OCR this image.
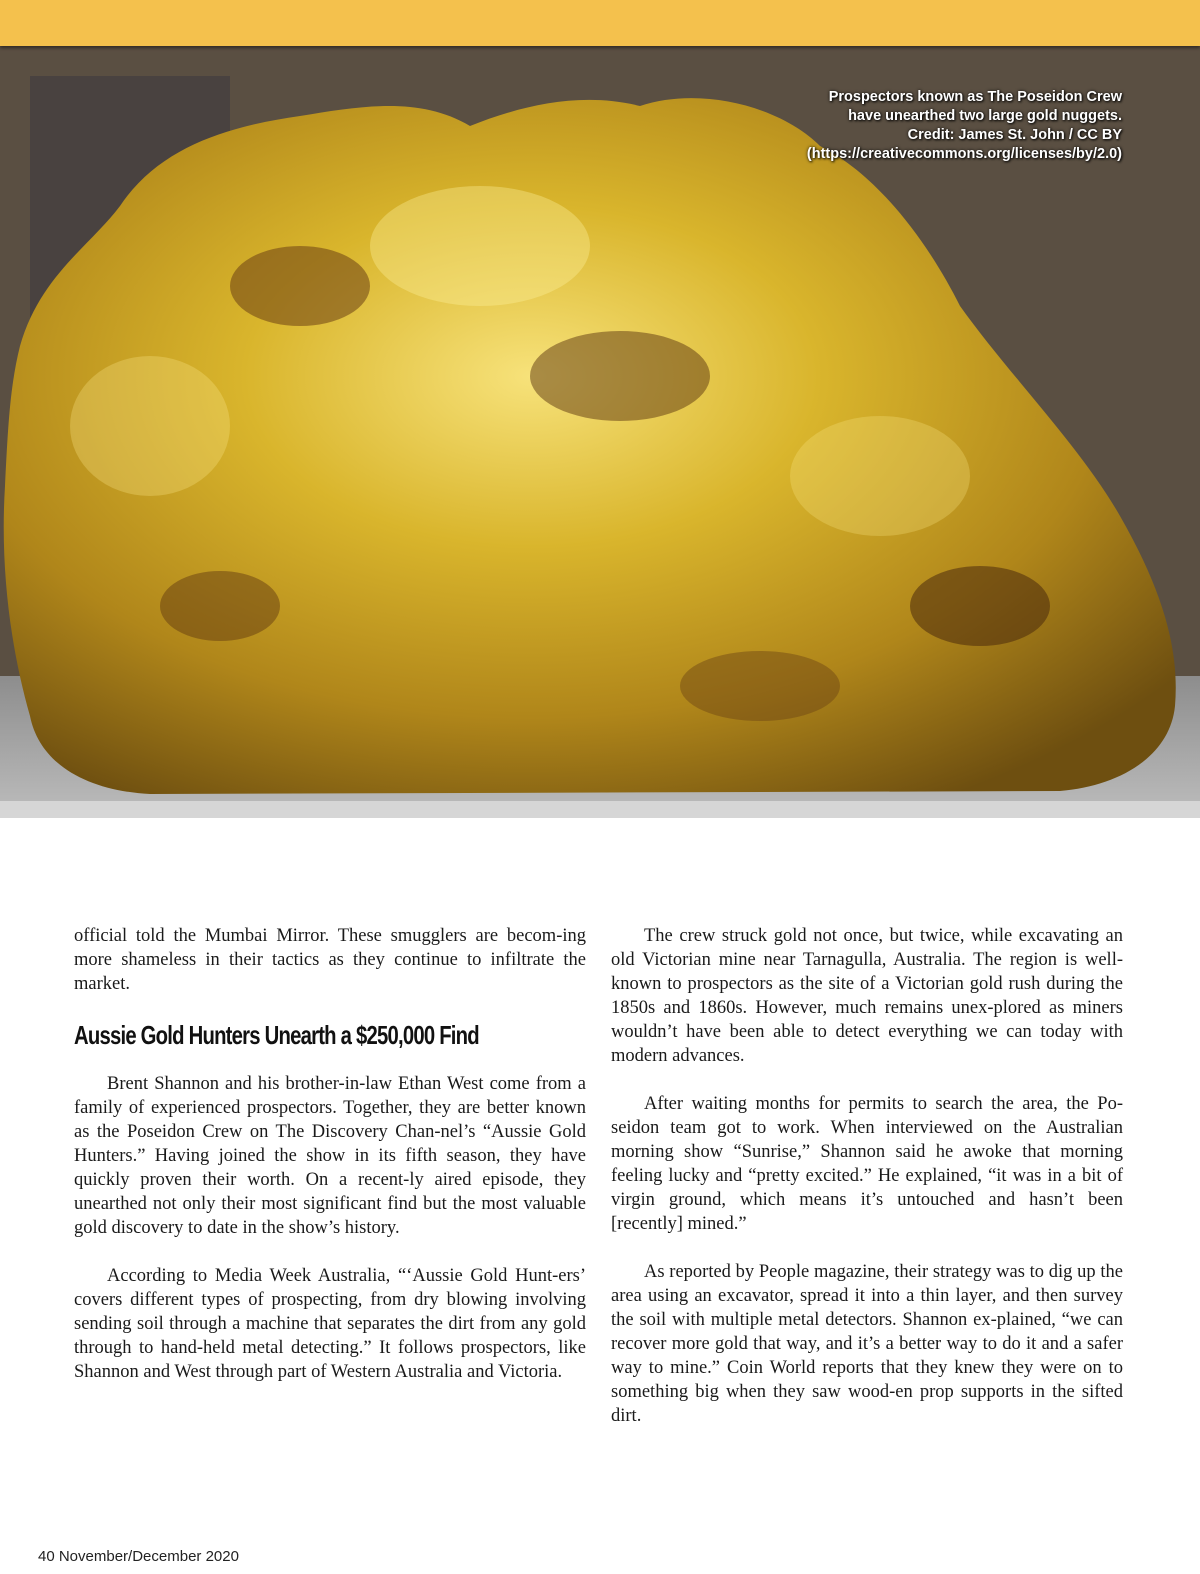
Prospectors known as The Poseidon Crew
have unearthed two large gold nuggets.
Credit: James St. John / CC BY
(https://creativecommons.org/licenses/by/2.0)

official told the Mumbai Mirror. These smugglers are becom-ing more shameless in their tactics as they continue to infiltrate the market.

Aussie Gold Hunters Unearth a $250,000 Find

Brent Shannon and his brother-in-law Ethan West come from a family of experienced prospectors. Together, they are better known as the Poseidon Crew on The Discovery Chan-nel’s “Aussie Gold Hunters.” Having joined the show in its fifth season, they have quickly proven their worth. On a recent-ly aired episode, they unearthed not only their most significant find but the most valuable gold discovery to date in the show’s history.

According to Media Week Australia, “‘Aussie Gold Hunt-ers’ covers different types of prospecting, from dry blowing involving sending soil through a machine that separates the dirt from any gold through to hand-held metal detecting.” It follows prospectors, like Shannon and West through part of Western Australia and Victoria.

The crew struck gold not once, but twice, while excavating an old Victorian mine near Tarnagulla, Australia. The region is well-known to prospectors as the site of a Victorian gold rush during the 1850s and 1860s. However, much remains unex-plored as miners wouldn’t have been able to detect everything we can today with modern advances.

After waiting months for permits to search the area, the Po-seidon team got to work. When interviewed on the Australian morning show “Sunrise,” Shannon said he awoke that morning feeling lucky and “pretty excited.” He explained, “it was in a bit of virgin ground, which means it’s untouched and hasn’t been [recently] mined.”

As reported by People magazine, their strategy was to dig up the area using an excavator, spread it into a thin layer, and then survey the soil with multiple metal detectors. Shannon ex-plained, “we can recover more gold that way, and it’s a better way to do it and a safer way to mine.” Coin World reports that they knew they were on to something big when they saw wood-en prop supports in the sifted dirt.

40 November/December 2020
